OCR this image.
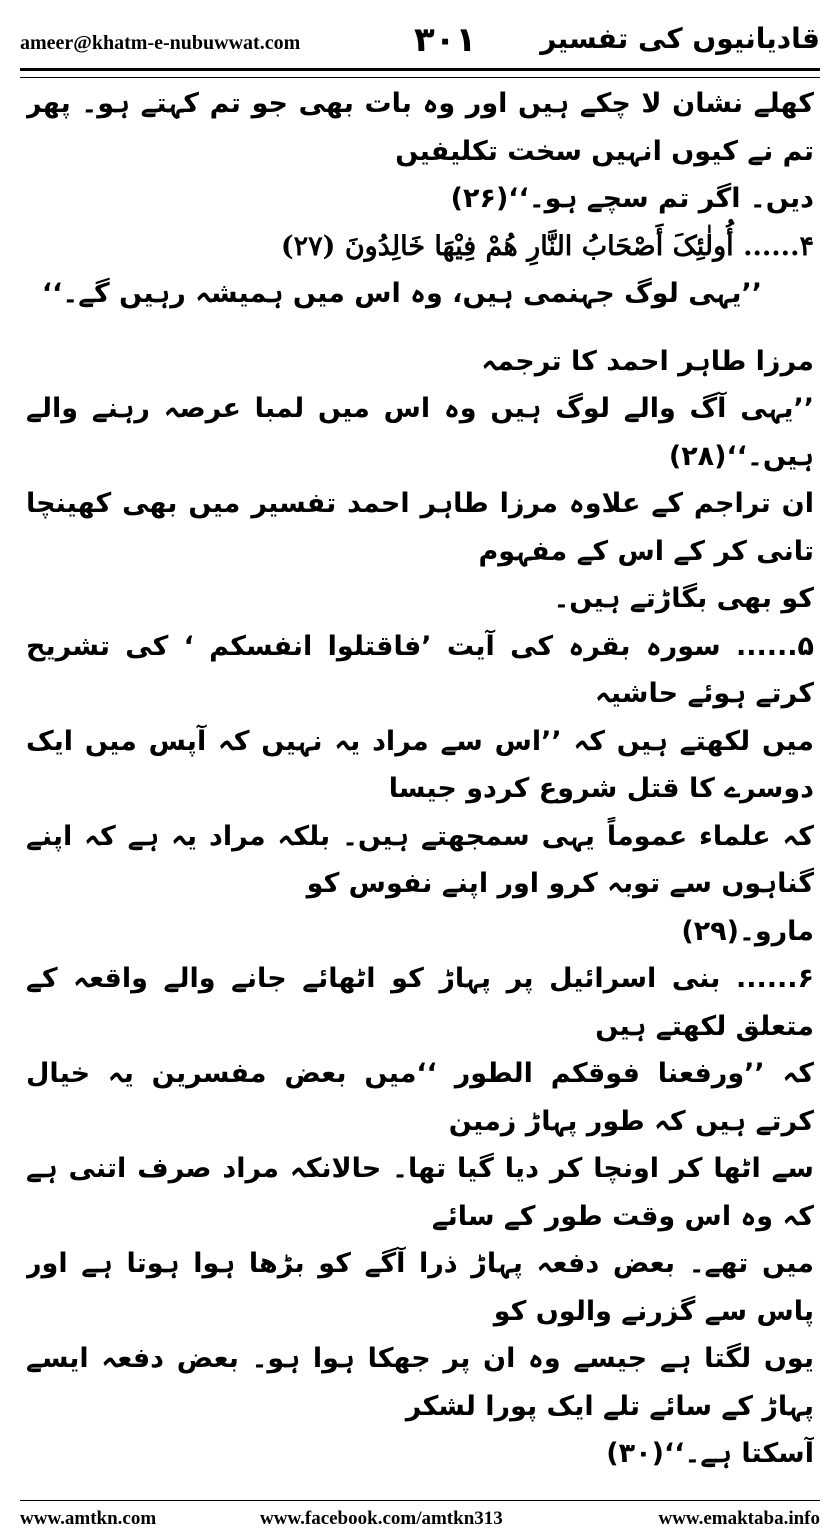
ameer@khatm-e-nubuwwat.com	۳۰۱ قادیانیوں کی تفسیر

کھلے نشان لا چکے ہیں اور وہ بات بھی جو تم کہتے ہو۔ پھر تم نے کیوں انہیں سخت تکلیفیں

دیں۔ اگر تم سچے ہو۔‘‘(۲۶)

۴...... أُولٰئِکَ أَصْحَابُ النَّارِ هُمْ فِیْهَا خَالِدُونَ (۲۷)

’’یہی لوگ جہنمی ہیں، وہ اس میں ہمیشہ رہیں گے۔‘‘

مرزا طاہر احمد کا ترجمہ

’’یہی آگ والے لوگ ہیں وہ اس میں لمبا عرصہ رہنے والے ہیں۔‘‘(۲۸)

ان تراجم کے علاوہ مرزا طاہر احمد تفسیر میں بھی کھینچا تانی کر کے اس کے مفہوم

کو بھی بگاڑتے ہیں۔

۵...... سورہ بقرہ کی آیت ’فاقتلوا انفسکم ‘ کی تشریح کرتے ہوئے حاشیہ

میں لکھتے ہیں کہ ’’اس سے مراد یہ نہیں کہ آپس میں ایک دوسرے کا قتل شروع کردو جیسا

کہ علماء عموماً یہی سمجھتے ہیں۔ بلکہ مراد یہ ہے کہ اپنے گناہوں سے توبہ کرو اور اپنے نفوس کو

مارو۔(۲۹)

۶...... بنی اسرائیل پر پہاڑ کو اٹھائے جانے والے واقعہ کے متعلق لکھتے ہیں

کہ ’’ورفعنا فوقکم الطور ‘‘میں بعض مفسرین یہ خیال کرتے ہیں کہ طور پہاڑ زمین

سے اٹھا کر اونچا کر دیا گیا تھا۔ حالانکہ مراد صرف اتنی ہے کہ وہ اس وقت طور کے سائے

میں تھے۔ بعض دفعہ پہاڑ ذرا آگے کو بڑھا ہوا ہوتا ہے اور پاس سے گزرنے والوں کو

یوں لگتا ہے جیسے وہ ان پر جھکا ہوا ہو۔ بعض دفعہ ایسے پہاڑ کے سائے تلے ایک پورا لشکر

آسکتا ہے۔‘‘(۳۰)

www.amtkn.com	www.facebook.com/amtkn313	www.emaktaba.info
